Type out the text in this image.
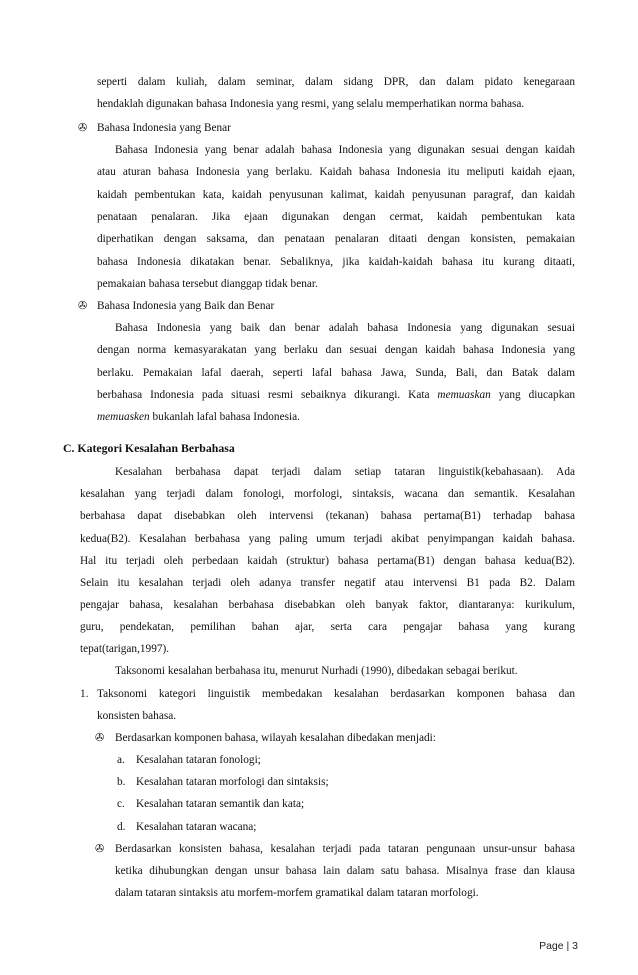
seperti dalam kuliah, dalam seminar, dalam sidang DPR, dan dalam pidato kenegaraan
hendaklah digunakan bahasa Indonesia yang resmi, yang selalu memperhatikan norma bahasa.
✇ Bahasa Indonesia yang Benar
Bahasa Indonesia yang benar adalah bahasa Indonesia yang digunakan sesuai dengan kaidah
atau aturan bahasa Indonesia yang berlaku. Kaidah bahasa Indonesia itu meliputi kaidah ejaan,
kaidah pembentukan kata, kaidah penyusunan kalimat, kaidah penyusunan paragraf, dan kaidah
penataan penalaran. Jika ejaan digunakan dengan cermat, kaidah pembentukan kata
diperhatikan dengan saksama, dan penataan penalaran ditaati dengan konsisten, pemakaian
bahasa Indonesia dikatakan benar. Sebaliknya, jika kaidah-kaidah bahasa itu kurang ditaati,
pemakaian bahasa tersebut dianggap tidak benar.
✇ Bahasa Indonesia yang Baik dan Benar
Bahasa Indonesia yang baik dan benar adalah bahasa Indonesia yang digunakan sesuai
dengan norma kemasyarakatan yang berlaku dan sesuai dengan kaidah bahasa Indonesia yang
berlaku. Pemakaian lafal daerah, seperti lafal bahasa Jawa, Sunda, Bali, dan Batak dalam
berbahasa Indonesia pada situasi resmi sebaiknya dikurangi. Kata memuaskan yang diucapkan
memuasken bukanlah lafal bahasa Indonesia.
C. Kategori Kesalahan Berbahasa
Kesalahan berbahasa dapat terjadi dalam setiap tataran linguistik(kebahasaan). Ada
kesalahan yang terjadi dalam fonologi, morfologi, sintaksis, wacana dan semantik. Kesalahan
berbahasa dapat disebabkan oleh intervensi (tekanan) bahasa pertama(B1) terhadap bahasa
kedua(B2). Kesalahan berbahasa yang paling umum terjadi akibat penyimpangan kaidah bahasa.
Hal itu terjadi oleh perbedaan kaidah (struktur) bahasa pertama(B1) dengan bahasa kedua(B2).
Selain itu kesalahan terjadi oleh adanya transfer negatif atau intervensi B1 pada B2. Dalam
pengajar bahasa, kesalahan berbahasa disebabkan oleh banyak faktor, diantaranya: kurikulum,
guru, pendekatan, pemilihan bahan ajar, serta cara pengajar bahasa yang kurang
tepat(tarigan,1997).
Taksonomi kesalahan berbahasa itu, menurut Nurhadi (1990), dibedakan sebagai berikut.
1. Taksonomi kategori linguistik membedakan kesalahan berdasarkan komponen bahasa dan
konsisten bahasa.
✇ Berdasarkan komponen bahasa, wilayah kesalahan dibedakan menjadi:
a. Kesalahan tataran fonologi;
b. Kesalahan tataran morfologi dan sintaksis;
c. Kesalahan tataran semantik dan kata;
d. Kesalahan tataran wacana;
✇ Berdasarkan konsisten bahasa, kesalahan terjadi pada tataran pengunaan unsur-unsur bahasa
ketika dihubungkan dengan unsur bahasa lain dalam satu bahasa. Misalnya frase dan klausa
dalam tataran sintaksis atu morfem-morfem gramatikal dalam tataran morfologi.
Page | 3
